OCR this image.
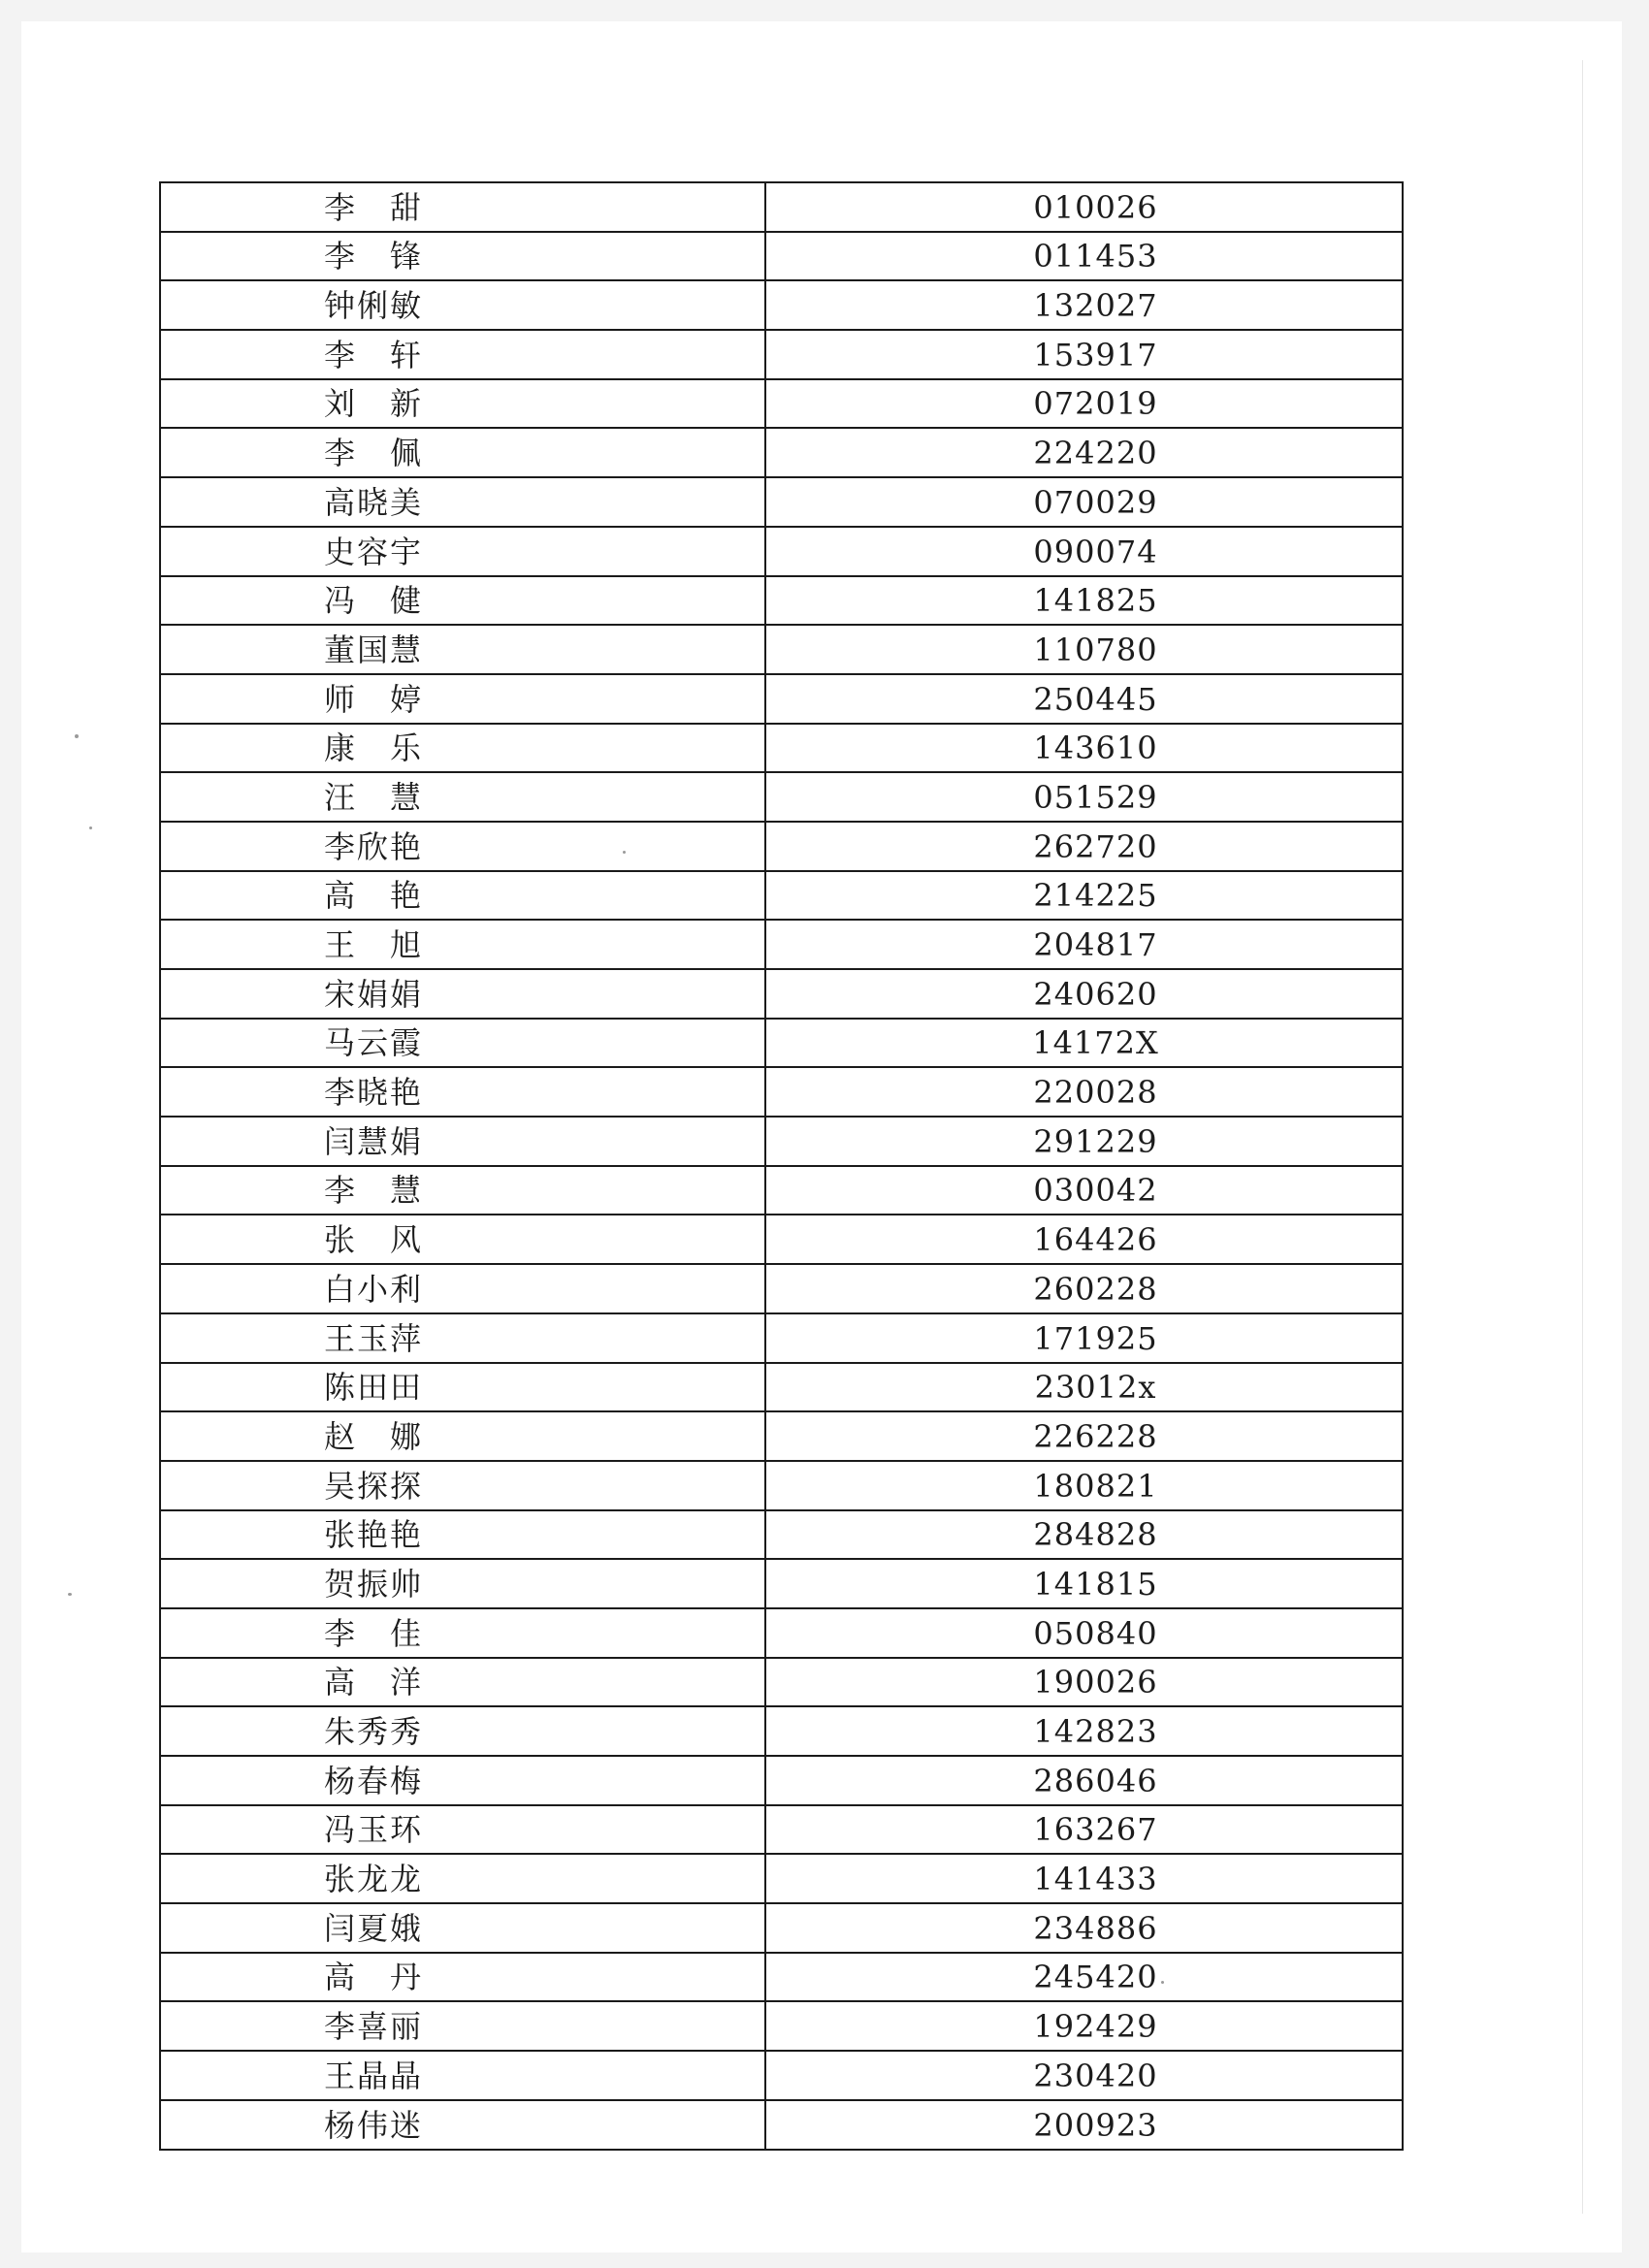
李　甜		010026
李　锋		011453
钟俐敏		132027
李　轩		153917
刘　新		072019
李　佩		224220
高晓美		070029
史容宇		090074
冯　健		141825
董国慧		110780
师　婷		250445
康　乐		143610
汪　慧		051529
李欣艳		262720
高　艳		214225
王　旭		204817
宋娟娟		240620
马云霞		14172X
李晓艳		220028
闫慧娟		291229
李　慧		030042
张　风		164426
白小利		260228
王玉萍		171925
陈田田		23012x
赵　娜		226228
吴探探		180821
张艳艳		284828
贺振帅		141815
李　佳		050840
高　洋		190026
朱秀秀		142823
杨春梅		286046
冯玉环		163267
张龙龙		141433
闫夏娥		234886
高　丹		245420
李喜丽		192429
王晶晶		230420
杨伟迷		200923
